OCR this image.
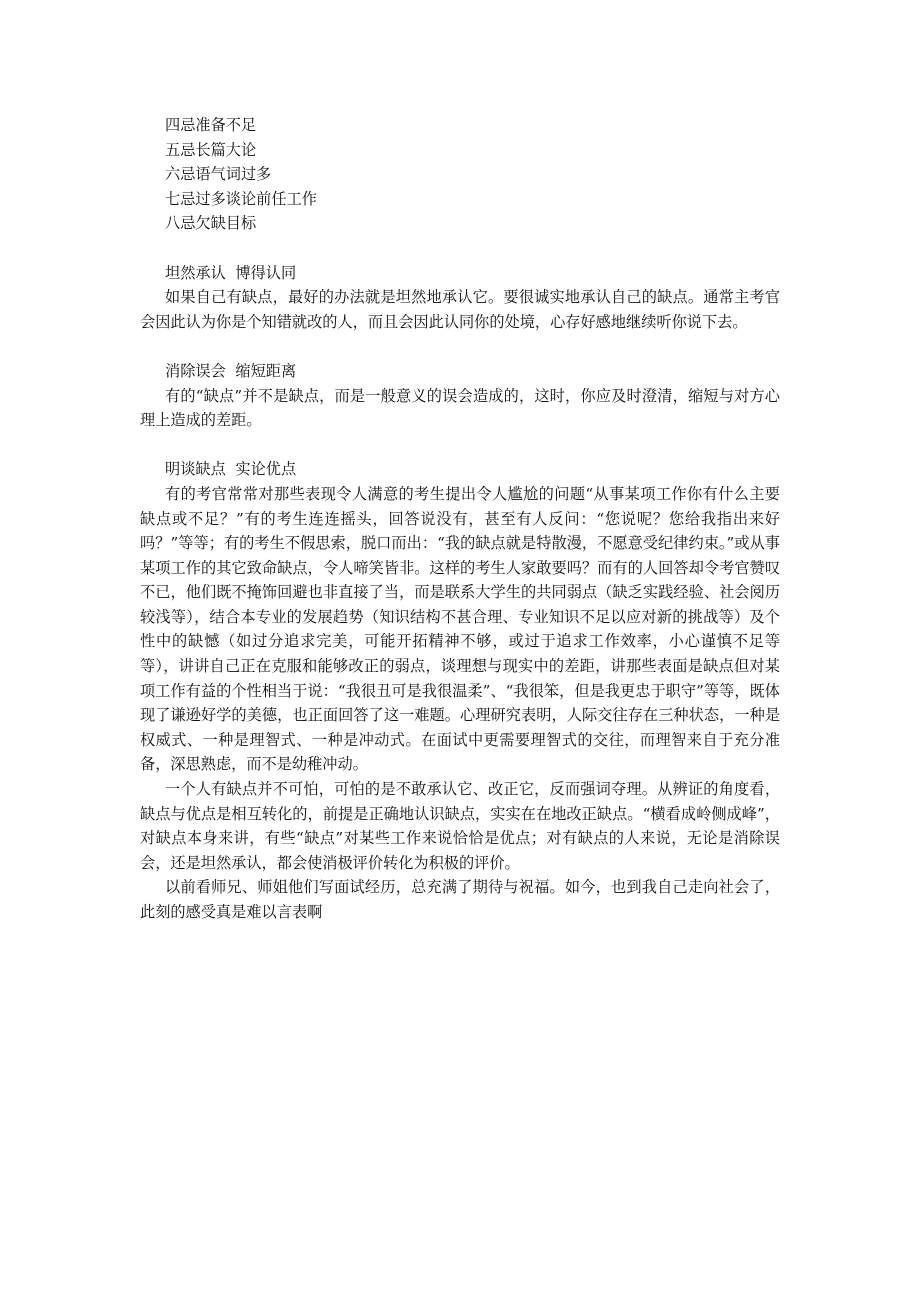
四忌准备不足
五忌长篇大论
六忌语气词过多
七忌过多谈论前任工作
八忌欠缺目标
坦然承认  博得认同

如果自己有缺点，最好的办法就是坦然地承认它。要很诚实地承认自己的缺点。通常主考官会因此认为你是个知错就改的人，而且会因此认同你的处境，心存好感地继续听你说下去。

消除误会  缩短距离

有的“缺点”并不是缺点，而是一般意义的误会造成的，这时，你应及时澄清，缩短与对方心理上造成的差距。

明谈缺点  实论优点

有的考官常常对那些表现令人满意的考生提出令人尴尬的问题“从事某项工作你有什么主要缺点或不足？”有的考生连连摇头，回答说没有，甚至有人反问：“您说呢？您给我指出来好吗？”等等；有的考生不假思索，脱口而出：“我的缺点就是特散漫，不愿意受纪律约束。”或从事某项工作的其它致命缺点，令人啼笑皆非。这样的考生人家敢要吗？而有的人回答却令考官赞叹不已，他们既不掩饰回避也非直接了当，而是联系大学生的共同弱点（缺乏实践经验、社会阅历较浅等），结合本专业的发展趋势（知识结构不甚合理、专业知识不足以应对新的挑战等）及个性中的缺憾（如过分追求完美，可能开拓精神不够，或过于追求工作效率，小心谨慎不足等等），讲讲自己正在克服和能够改正的弱点，谈理想与现实中的差距，讲那些表面是缺点但对某项工作有益的个性相当于说：“我很丑可是我很温柔”、“我很笨，但是我更忠于职守”等等，既体现了谦逊好学的美德，也正面回答了这一难题。心理研究表明，人际交往存在三种状态，一种是权威式、一种是理智式、一种是冲动式。在面试中更需要理智式的交往，而理智来自于充分准备，深思熟虑，而不是幼稚冲动。

一个人有缺点并不可怕，可怕的是不敢承认它、改正它，反而强词夺理。从辨证的角度看，缺点与优点是相互转化的，前提是正确地认识缺点，实实在在地改正缺点。“横看成岭侧成峰”，对缺点本身来讲，有些“缺点”对某些工作来说恰恰是优点；对有缺点的人来说，无论是消除误会，还是坦然承认，都会使消极评价转化为积极的评价。

以前看师兄、师姐他们写面试经历，总充满了期待与祝福。如今，也到我自己走向社会了，此刻的感受真是难以言表啊
